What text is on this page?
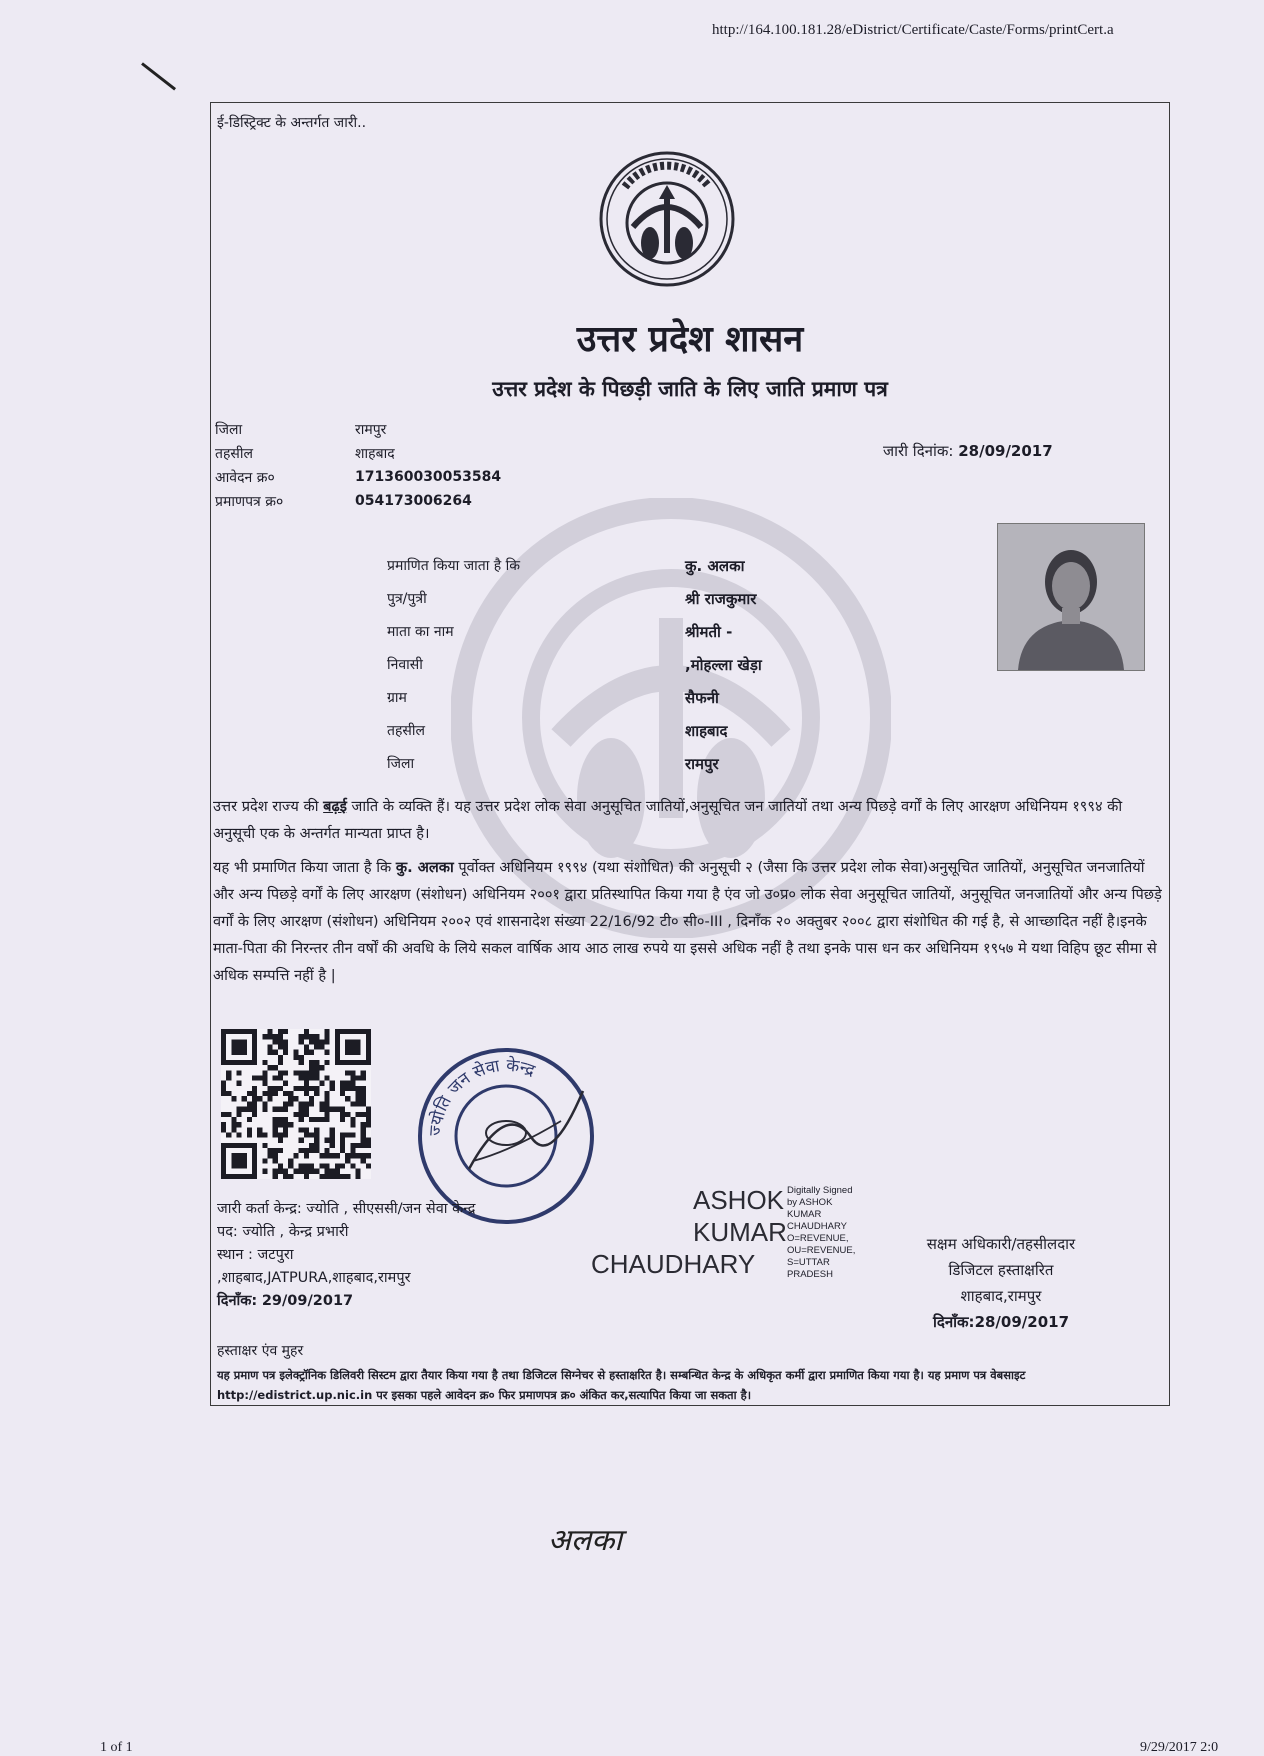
http://164.100.181.28/eDistrict/Certificate/Caste/Forms/printCert.a
ई-डिस्ट्रिक्ट के अन्तर्गत जारी..
उत्तर प्रदेश शासन
उत्तर प्रदेश के पिछड़ी जाति के लिए जाति प्रमाण पत्र
जिला	रामपुर
तहसील	शाहबाद
आवेदन क्र०	171360030053584
प्रमाणपत्र क्र०	054173006264
जारी दिनांक: 28/09/2017
प्रमाणित किया जाता है कि	कु. अलका
पुत्र/पुत्री	श्री राजकुमार
माता का नाम	श्रीमती -
निवासी	,मोहल्ला खेड़ा
ग्राम	सैफनी
तहसील	शाहबाद
जिला	रामपुर
उत्तर प्रदेश राज्य की बढ़ई जाति के व्यक्ति हैं। यह उत्तर प्रदेश लोक सेवा अनुसूचित जातियों,अनुसूचित जन जातियों तथा अन्य पिछड़े वर्गों के लिए आरक्षण अधिनियम १९९४ की अनुसूची एक के अन्तर्गत मान्यता प्राप्त है।
यह भी प्रमाणित किया जाता है कि कु. अलका पूर्वोक्त अधिनियम १९९४ (यथा संशोधित) की अनुसूची २ (जैसा कि उत्तर प्रदेश लोक सेवा)अनुसूचित जातियों, अनुसूचित जनजातियों और अन्य पिछड़े वर्गों के लिए आरक्षण (संशोधन) अधिनियम २००१ द्वारा प्रतिस्थापित किया गया है एंव जो उ०प्र० लोक सेवा अनुसूचित जातियों, अनुसूचित जनजातियों और अन्य पिछड़े वर्गों के लिए आरक्षण (संशोधन) अधिनियम २००२ एवं शासनादेश संख्या 22/16/92 टी० सी०-III , दिनाँक २० अक्तुबर २००८ द्वारा संशोधित की गई है, से आच्छादित नहीं है।इनके माता-पिता की निरन्तर तीन वर्षों की अवधि के लिये सकल वार्षिक आय आठ लाख रुपये या इससे अधिक नहीं है तथा इनके पास धन कर अधिनियम १९५७ मे यथा विहिप छूट सीमा से अधिक सम्पत्ति नहीं है |
ज्योति जन सेवा केन्द्र
जारी कर्ता केन्द्र: ज्योति , सीएससी/जन सेवा केन्द्र
पद: ज्योति , केन्द्र प्रभारी
स्थान : जटपुरा
,शाहबाद,JATPURA,शाहबाद,रामपुर
दिनाँक: 29/09/2017
ASHOK
KUMAR
CHAUDHARY
Digitally Signed
by ASHOK
KUMAR
CHAUDHARY
O=REVENUE,
OU=REVENUE,
S=UTTAR
PRADESH
सक्षम अधिकारी/तहसीलदार
डिजिटल हस्ताक्षरित
शाहबाद,रामपुर
दिनाँक:28/09/2017
हस्ताक्षर एंव मुहर
यह प्रमाण पत्र इलेक्ट्रॉनिक डिलिवरी सिस्टम द्वारा तैयार किया गया है तथा डिजिटल सिग्नेचर से हस्ताक्षरित है। सम्बन्धित केन्द्र के अधिकृत कर्मी द्वारा प्रमाणित किया गया है। यह प्रमाण पत्र वेबसाइट http://edistrict.up.nic.in पर इसका पहले आवेदन क्र० फिर प्रमाणपत्र क्र० अंकित कर,सत्यापित किया जा सकता है।
अलका
1 of 1	9/29/2017 2:0
